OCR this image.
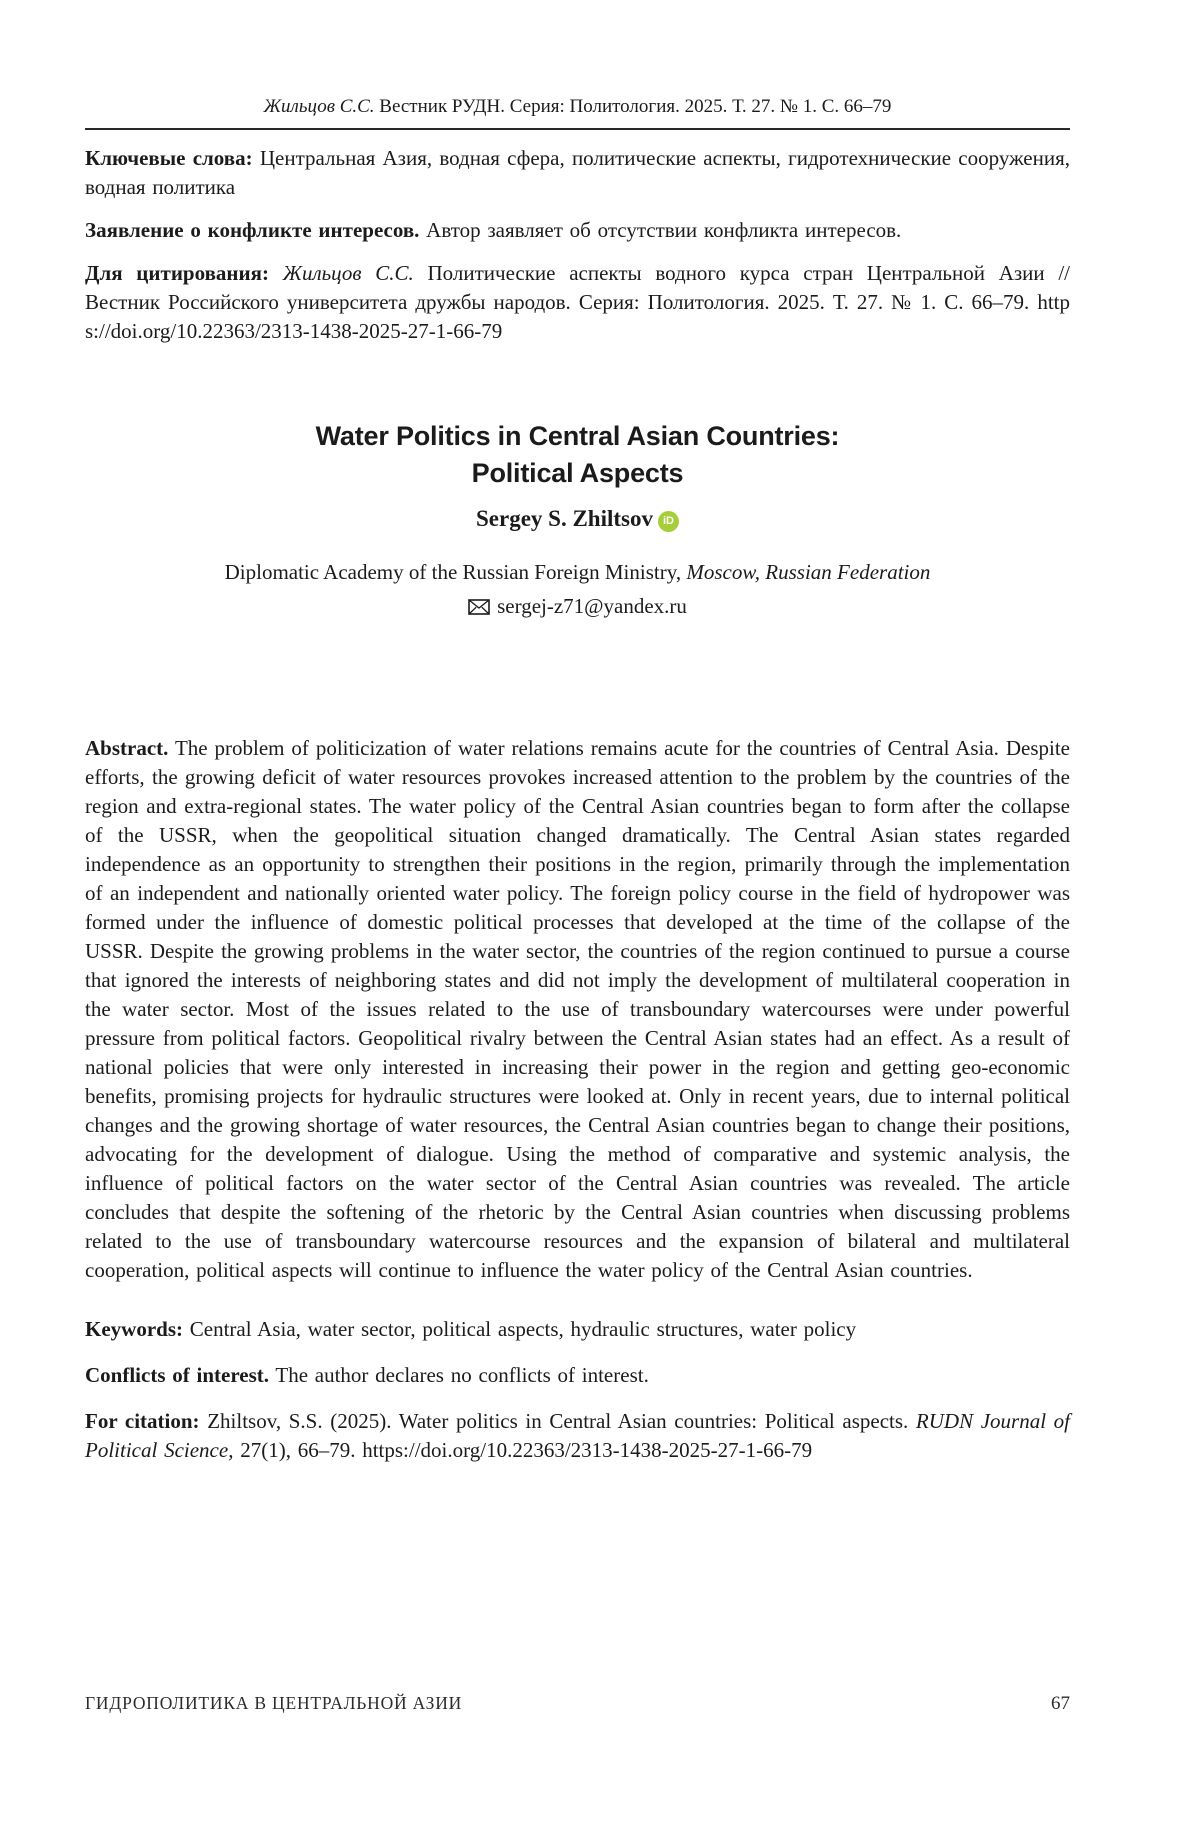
Жильцов С.С. Вестник РУДН. Серия: Политология. 2025. Т. 27. № 1. С. 66–79

Ключевые слова: Центральная Азия, водная сфера, политические аспекты, гидротехнические сооружения, водная политика

Заявление о конфликте интересов. Автор заявляет об отсутствии конфликта интересов.

Для цитирования: Жильцов С.С. Политические аспекты водного курса стран Центральной Азии // Вестник Российского университета дружбы народов. Серия: Политология. 2025. Т. 27. № 1. С. 66–79. https://doi.org/10.22363/2313-1438-2025-27-1-66-79

Water Politics in Central Asian Countries:
Political Aspects
Sergey S. Zhiltsov iD
Diplomatic Academy of the Russian Foreign Ministry, Moscow, Russian Federation
sergej-z71@yandex.ru

Abstract. The problem of politicization of water relations remains acute for the countries of Central Asia. Despite efforts, the growing deficit of water resources provokes increased attention to the problem by the countries of the region and extra-regional states. The water policy of the Central Asian countries began to form after the collapse of the USSR, when the geopolitical situation changed dramatically. The Central Asian states regarded independence as an opportunity to strengthen their positions in the region, primarily through the implementation of an independent and nationally oriented water policy. The foreign policy course in the field of hydropower was formed under the influence of domestic political processes that developed at the time of the collapse of the USSR. Despite the growing problems in the water sector, the countries of the region continued to pursue a course that ignored the interests of neighboring states and did not imply the development of multilateral cooperation in the water sector. Most of the issues related to the use of transboundary watercourses were under powerful pressure from political factors. Geopolitical rivalry between the Central Asian states had an effect. As a result of national policies that were only interested in increasing their power in the region and getting geo-economic benefits, promising projects for hydraulic structures were looked at. Only in recent years, due to internal political changes and the growing shortage of water resources, the Central Asian countries began to change their positions, advocating for the development of dialogue. Using the method of comparative and systemic analysis, the influence of political factors on the water sector of the Central Asian countries was revealed. The article concludes that despite the softening of the rhetoric by the Central Asian countries when discussing problems related to the use of transboundary watercourse resources and the expansion of bilateral and multilateral cooperation, political aspects will continue to influence the water policy of the Central Asian countries.

Keywords: Central Asia, water sector, political aspects, hydraulic structures, water policy

Conflicts of interest. The author declares no conflicts of interest.

For citation: Zhiltsov, S.S. (2025). Water politics in Central Asian countries: Political aspects. RUDN Journal of Political Science, 27(1), 66–79. https://doi.org/10.22363/2313-1438-2025-27-1-66-79

ГИДРОПОЛИТИКА В ЦЕНТРАЛЬНОЙ АЗИИ	67
